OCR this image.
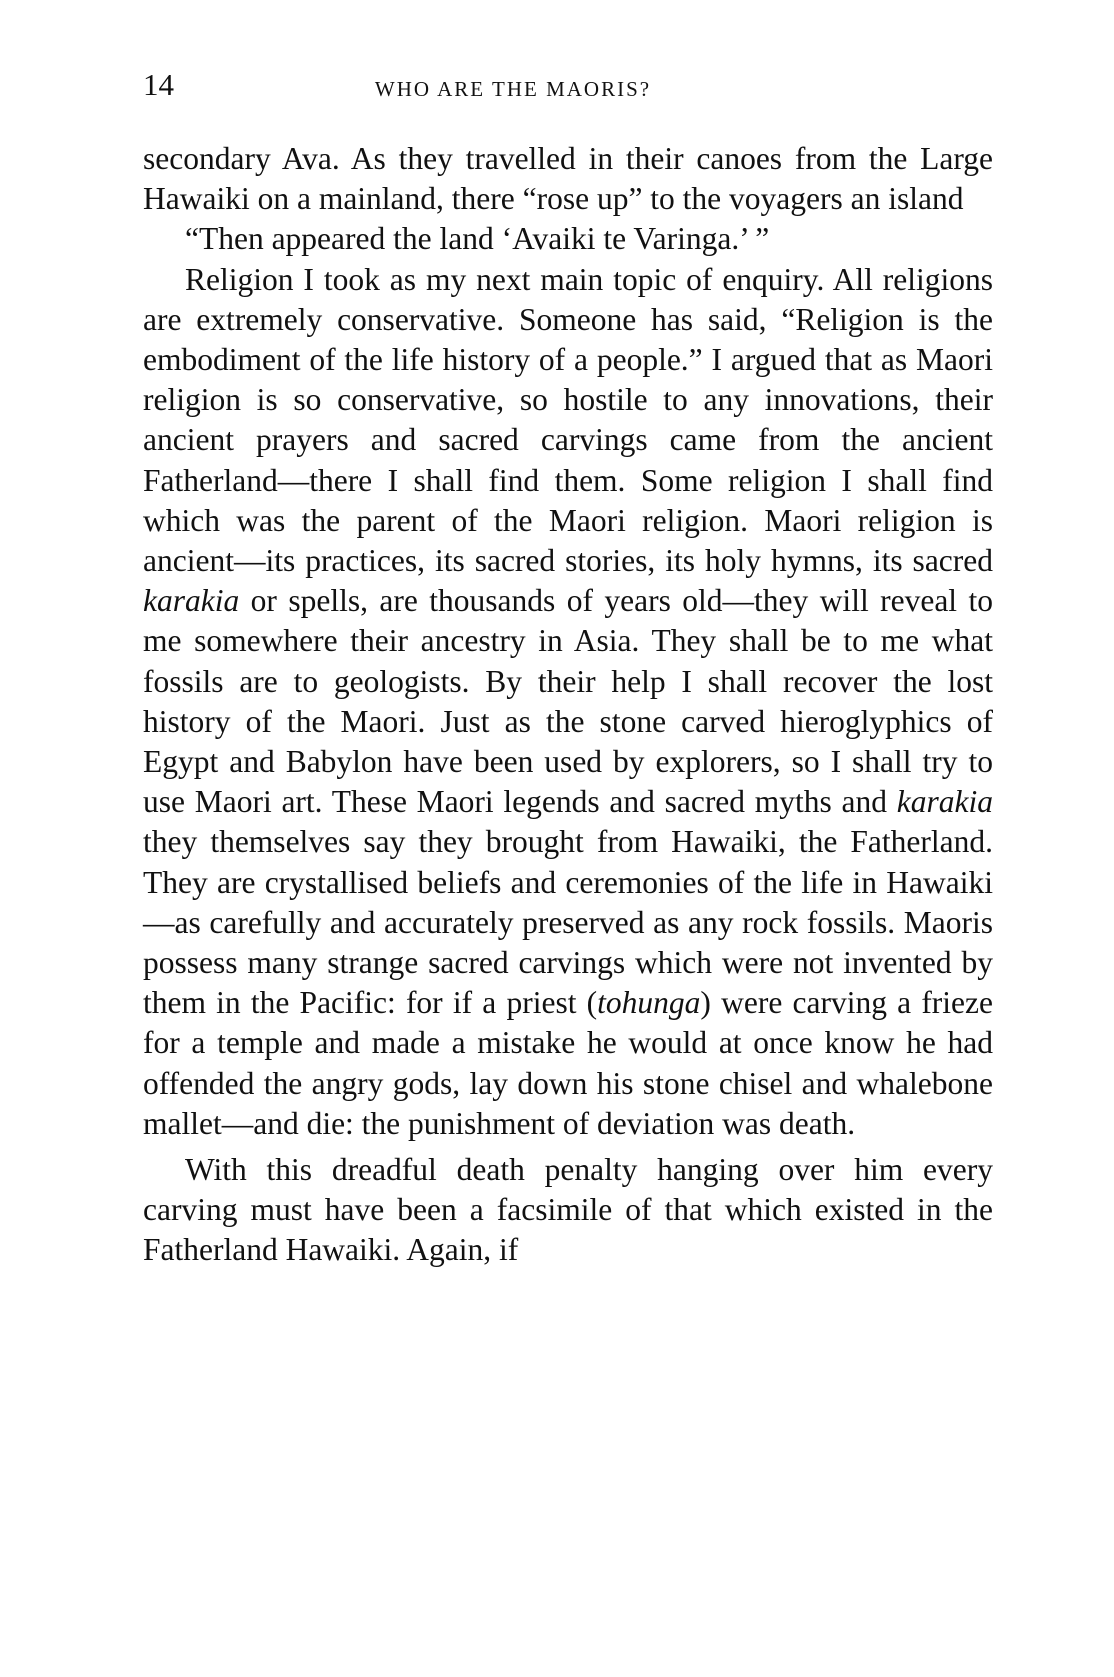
14	WHO ARE THE MAORIS?

secondary Ava. As they travelled in their canoes from the Large Hawaiki on a mainland, there “rose up” to the voyagers an island

“Then appeared the land ‘Avaiki te Varinga.’ ”

Religion I took as my next main topic of enquiry. All religions are extremely conservative. Someone has said, “Religion is the embodiment of the life history of a people.” I argued that as Maori religion is so conservative, so hostile to any innovations, their ancient prayers and sacred carvings came from the ancient Fatherland—there I shall find them. Some religion I shall find which was the parent of the Maori religion. Maori religion is ancient—its practices, its sacred stories, its holy hymns, its sacred karakia or spells, are thousands of years old—they will reveal to me somewhere their ancestry in Asia. They shall be to me what fossils are to geologists. By their help I shall recover the lost history of the Maori. Just as the stone carved hieroglyphics of Egypt and Babylon have been used by explorers, so I shall try to use Maori art. These Maori legends and sacred myths and karakia they themselves say they brought from Hawaiki, the Fatherland. They are crystallised beliefs and ceremonies of the life in Hawaiki—as carefully and accurately preserved as any rock fossils. Maoris possess many strange sacred carvings which were not invented by them in the Pacific: for if a priest (tohunga) were carving a frieze for a temple and made a mistake he would at once know he had offended the angry gods, lay down his stone chisel and whalebone mallet—and die: the punishment of deviation was death.

With this dreadful death penalty hanging over him every carving must have been a facsimile of that which existed in the Fatherland Hawaiki. Again, if
